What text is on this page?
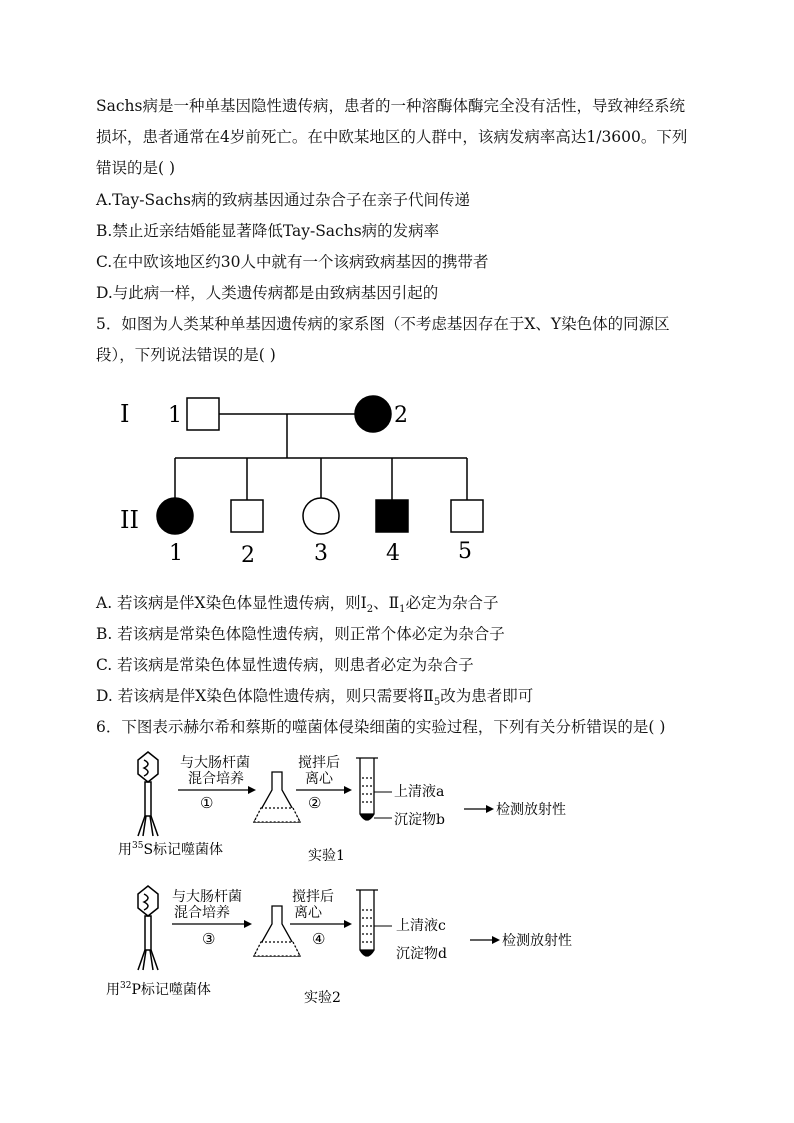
Sachs病是一种单基因隐性遗传病，患者的一种溶酶体酶完全没有活性，导致神经系统
损坏，患者通常在4岁前死亡。在中欧某地区的人群中，该病发病率高达1/3600。下列
错误的是( )
A.Tay-Sachs病的致病基因通过杂合子在亲子代间传递
B.禁止近亲结婚能显著降低Tay-Sachs病的发病率
C.在中欧该地区约30人中就有一个该病致病基因的携带者
D.与此病一样，人类遗传病都是由致病基因引起的
5．如图为人类某种单基因遗传病的家系图（不考虑基因存在于X、Y染色体的同源区
段），下列说法错误的是( )
I
II
1	2
1	2	3	4	5
A. 若该病是伴X染色体显性遗传病，则$Ⅰ_2$、$Ⅱ_1$必定为杂合子
B. 若该病是常染色体隐性遗传病，则正常个体必定为杂合子
C. 若该病是常染色体显性遗传病，则患者必定为杂合子
D. 若该病是伴X染色体隐性遗传病，则只需要将$Ⅱ_5$改为患者即可
6．下图表示赫尔希和蔡斯的噬菌体侵染细菌的实验过程，下列有关分析错误的是( )
用$^{35}$S标记噬菌体
与大肠杆菌
混合培养
①
搅拌后
离心
②
上清液a
沉淀物b
检测放射性
实验1
用$^{32}$P标记噬菌体
与大肠杆菌
混合培养
③
搅拌后
离心
④
上清液c
沉淀物d
检测放射性
实验2
